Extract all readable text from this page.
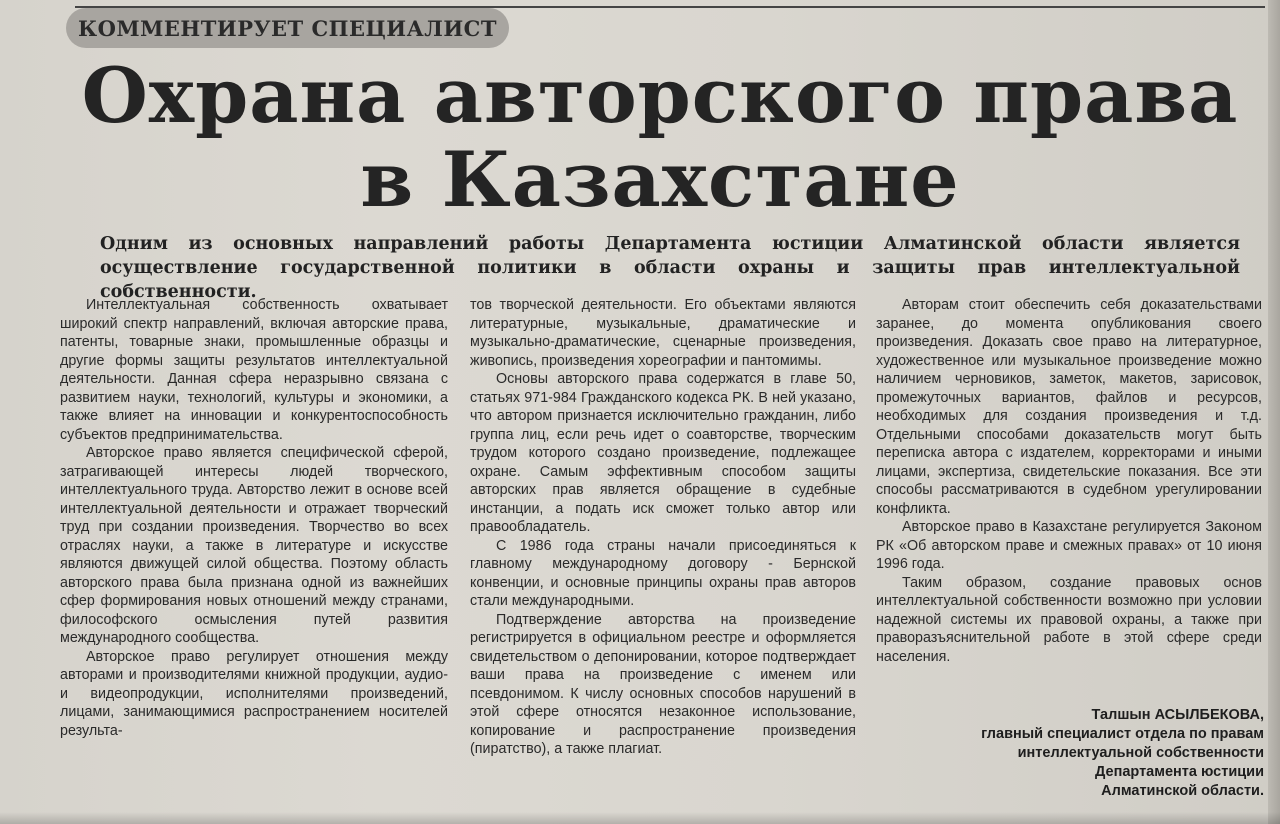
КОММЕНТИРУЕТ СПЕЦИАЛИСТ
Охрана авторского права
в Казахстане
Одним из основных направлений работы Департамента юстиции Алматинской области является осуществление государственной политики в области охраны и защиты прав интеллектуальной собственности.

Интеллектуальная собственность охватывает широкий спектр направлений, включая авторские права, патенты, товарные знаки, промышленные образцы и другие формы защиты результатов интеллектуальной деятельности. Данная сфера неразрывно связана с развитием науки, технологий, культуры и экономики, а также влияет на инновации и конкурентоспособность субъектов предпринимательства.

Авторское право является специфической сферой, затрагивающей интересы людей творческого, интеллектуального труда. Авторство лежит в основе всей интеллектуальной деятельности и отражает творческий труд при создании произведения. Творчество во всех отраслях науки, а также в литературе и искусстве являются движущей силой общества. Поэтому область авторского права была признана одной из важнейших сфер формирования новых отношений между странами, философского осмысления путей развития международного сообщества.

Авторское право регулирует отношения между авторами и производителями книжной продукции, аудио- и видеопродукции, исполнителями произведений, лицами, занимающимися распространением носителей результа-

тов творческой деятельности. Его объектами являются литературные, музыкальные, драматические и музыкально-драматические, сценарные произведения, живопись, произведения хореографии и пантомимы.

Основы авторского права содержатся в главе 50, статьях 971-984 Гражданского кодекса РК. В ней указано, что автором признается исключительно гражданин, либо группа лиц, если речь идет о соавторстве, творческим трудом которого создано произведение, подлежащее охране. Самым эффективным способом защиты авторских прав является обращение в судебные инстанции, а подать иск сможет только автор или правообладатель.

С 1986 года страны начали присоединяться к главному международному договору - Бернской конвенции, и основные принципы охраны прав авторов стали международными.

Подтверждение авторства на произведение регистрируется в официальном реестре и оформляется свидетельством о депонировании, которое подтверждает ваши права на произведение с именем или псевдонимом. К числу основных способов нарушений в этой сфере относятся незаконное использование, копирование и распространение произведения (пиратство), а также плагиат.

Авторам стоит обеспечить себя доказательствами заранее, до момента опубликования своего произведения. Доказать свое право на литературное, художественное или музыкальное произведение можно наличием черновиков, заметок, макетов, зарисовок, промежуточных вариантов, файлов и ресурсов, необходимых для создания произведения и т.д. Отдельными способами доказательств могут быть переписка автора с издателем, корректорами и иными лицами, экспертиза, свидетельские показания. Все эти способы рассматриваются в судебном урегулировании конфликта.

Авторское право в Казахстане регулируется Законом РК «Об авторском праве и смежных правах» от 10 июня 1996 года.

Таким образом, создание правовых основ интеллектуальной собственности возможно при условии надежной системы их правовой охраны, а также при праворазъяснительной работе в этой сфере среди населения.

Талшын АСЫЛБЕКОВА,
главный специалист отдела по правам
интеллектуальной собственности
Департамента юстиции
Алматинской области.
